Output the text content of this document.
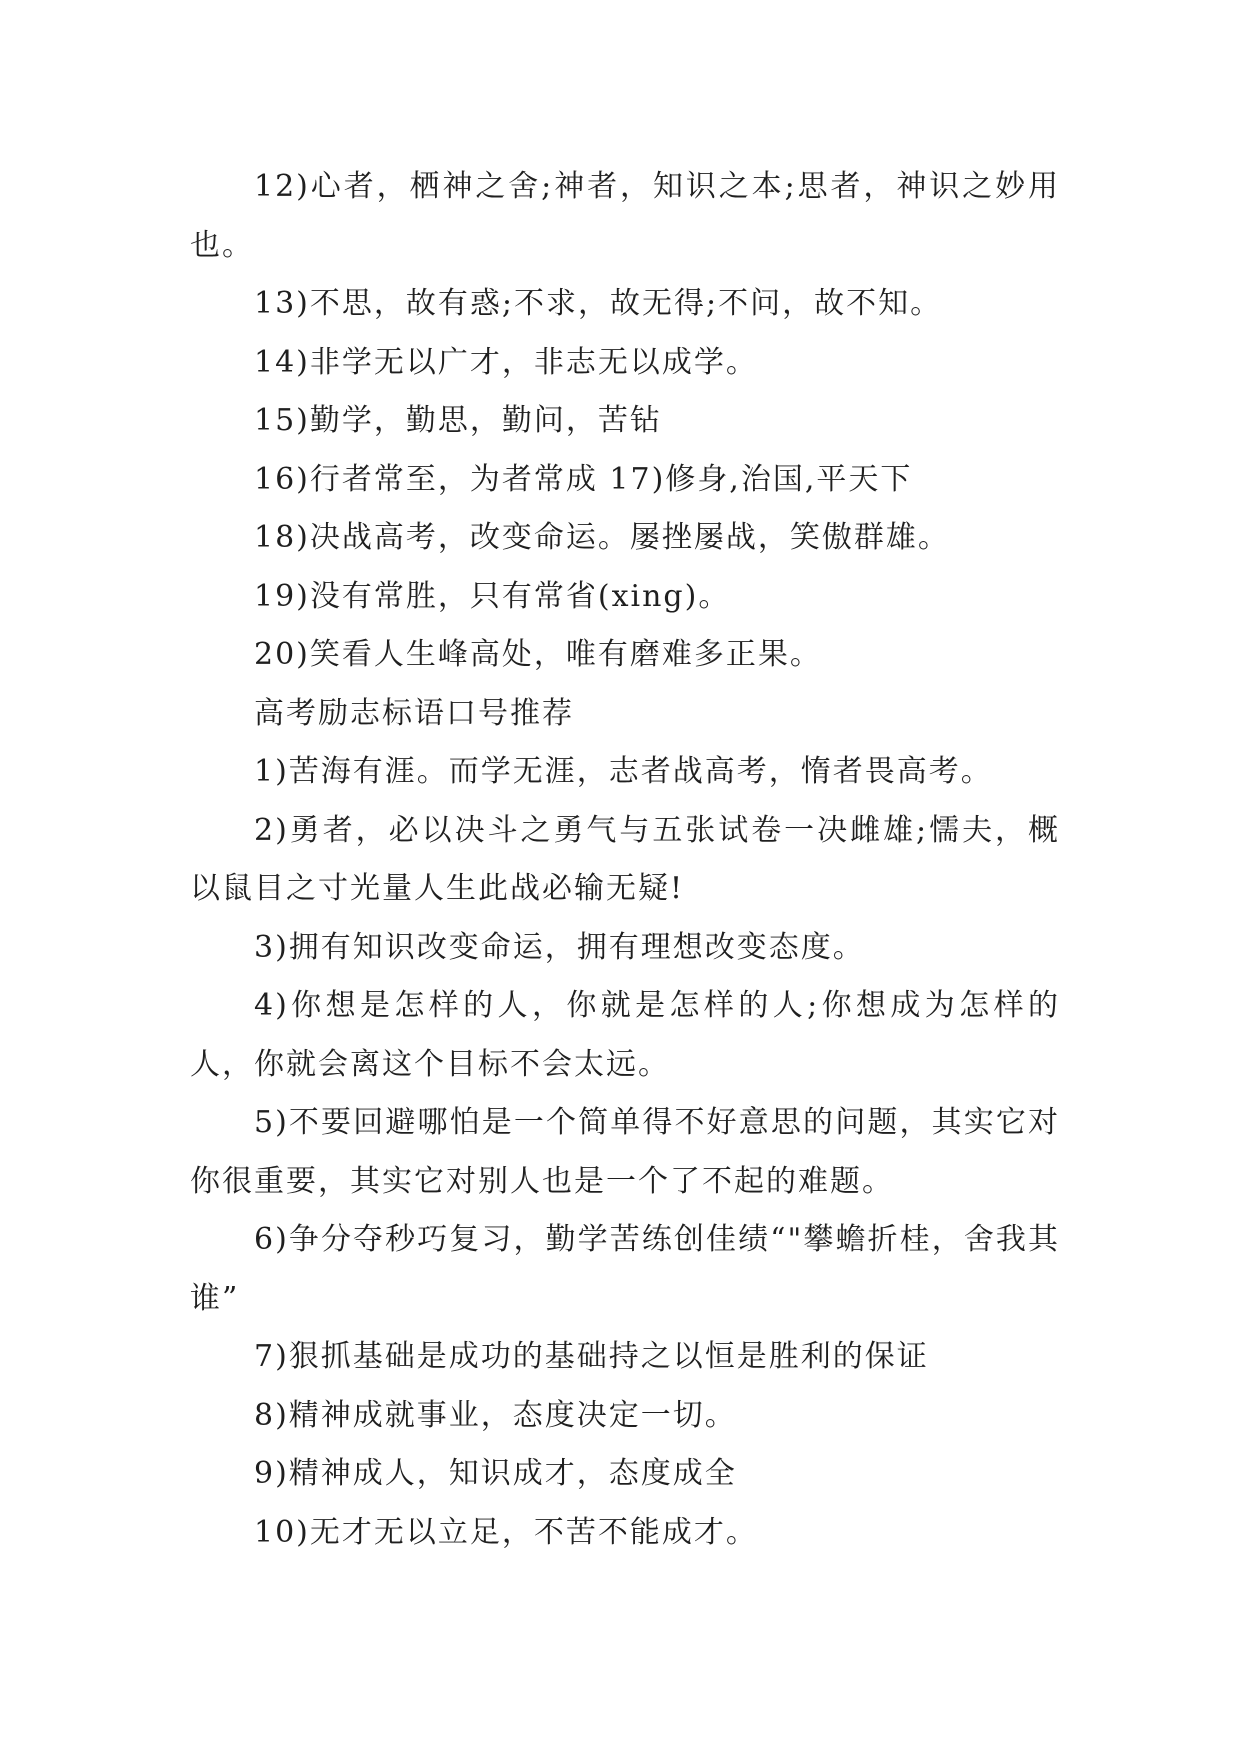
12)心者，栖神之舍;神者，知识之本;思者，神识之妙用也。

13)不思，故有惑;不求，故无得;不问，故不知。

14)非学无以广才，非志无以成学。

15)勤学，勤思，勤问，苦钻

16)行者常至，为者常成 17)修身,治国,平天下

18)决战高考，改变命运。屡挫屡战，笑傲群雄。

19)没有常胜，只有常省(xing)。

20)笑看人生峰高处，唯有磨难多正果。

高考励志标语口号推荐

1)苦海有涯。而学无涯，志者战高考，惰者畏高考。

2)勇者，必以决斗之勇气与五张试卷一决雌雄;懦夫，概以鼠目之寸光量人生此战必输无疑!

3)拥有知识改变命运，拥有理想改变态度。

4)你想是怎样的人，你就是怎样的人;你想成为怎样的人，你就会离这个目标不会太远。

5)不要回避哪怕是一个简单得不好意思的问题，其实它对你很重要，其实它对别人也是一个了不起的难题。

6)争分夺秒巧复习，勤学苦练创佳绩“"攀蟾折桂，舍我其谁”

7)狠抓基础是成功的基础持之以恒是胜利的保证

8)精神成就事业，态度决定一切。

9)精神成人，知识成才，态度成全

10)无才无以立足，不苦不能成才。
